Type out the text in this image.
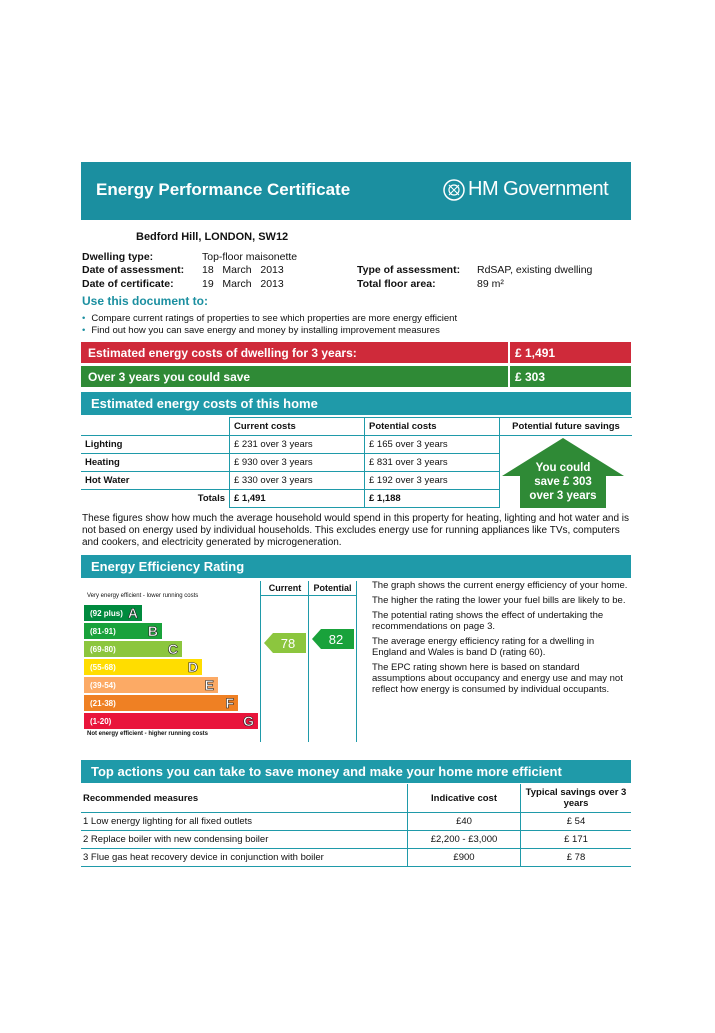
Energy Performance Certificate	HM Government
Bedford Hill, LONDON, SW12
Dwelling type:	Top-floor maisonette
Date of assessment: 18   March   2013
Date of certificate:	19   March   2013
Type of assessment: RdSAP, existing dwelling
Total floor area:	89 m²
Use this document to:
• Compare current ratings of properties to see which properties are more energy efficient
• Find out how you can save energy and money by installing improvement measures
Estimated energy costs of dwelling for 3 years:	£ 1,491
Over 3 years you could save	£ 303
Estimated energy costs of this home
	Current costs	Potential costs	Potential future savings
Lighting	£ 231 over 3 years	£ 165 over 3 years	
Heating	£ 930 over 3 years	£ 831 over 3 years	
Hot Water	£ 330 over 3 years	£ 192 over 3 years	
Totals	£ 1,491	£ 1,188	
You could
save £ 303
over 3 years
These figures show how much the average household would spend in this property for heating, lighting and hot water and is not based on energy used by individual households. This excludes energy use for running appliances like TVs, computers and cookers, and electricity generated by microgeneration.
Energy Efficiency Rating
Current	Potential
Very energy efficient - lower running costs
Not energy efficient - higher running costs
(92 plus) A
(81-91) B
(69-80)	C
(55-68)	D
(39-54)	E
(21-38)	F
(1-20)	G
78	82

The graph shows the current energy efficiency of your home.

The higher the rating the lower your fuel bills are likely to be.

The potential rating shows the effect of undertaking the recommendations on page 3.

The average energy efficiency rating for a dwelling in England and Wales is band D (rating 60).

The EPC rating shown here is based on standard assumptions about occupancy and energy use and may not reflect how energy is consumed by individual occupants.

Top actions you can take to save money and make your home more efficient
Recommended measures	Indicative cost	Typical savings over 3 years
1 Low energy lighting for all fixed outlets	£40	£ 54
2 Replace boiler with new condensing boiler	£2,200 - £3,000	£ 171
3 Flue gas heat recovery device in conjunction with boiler	£900	£ 78
